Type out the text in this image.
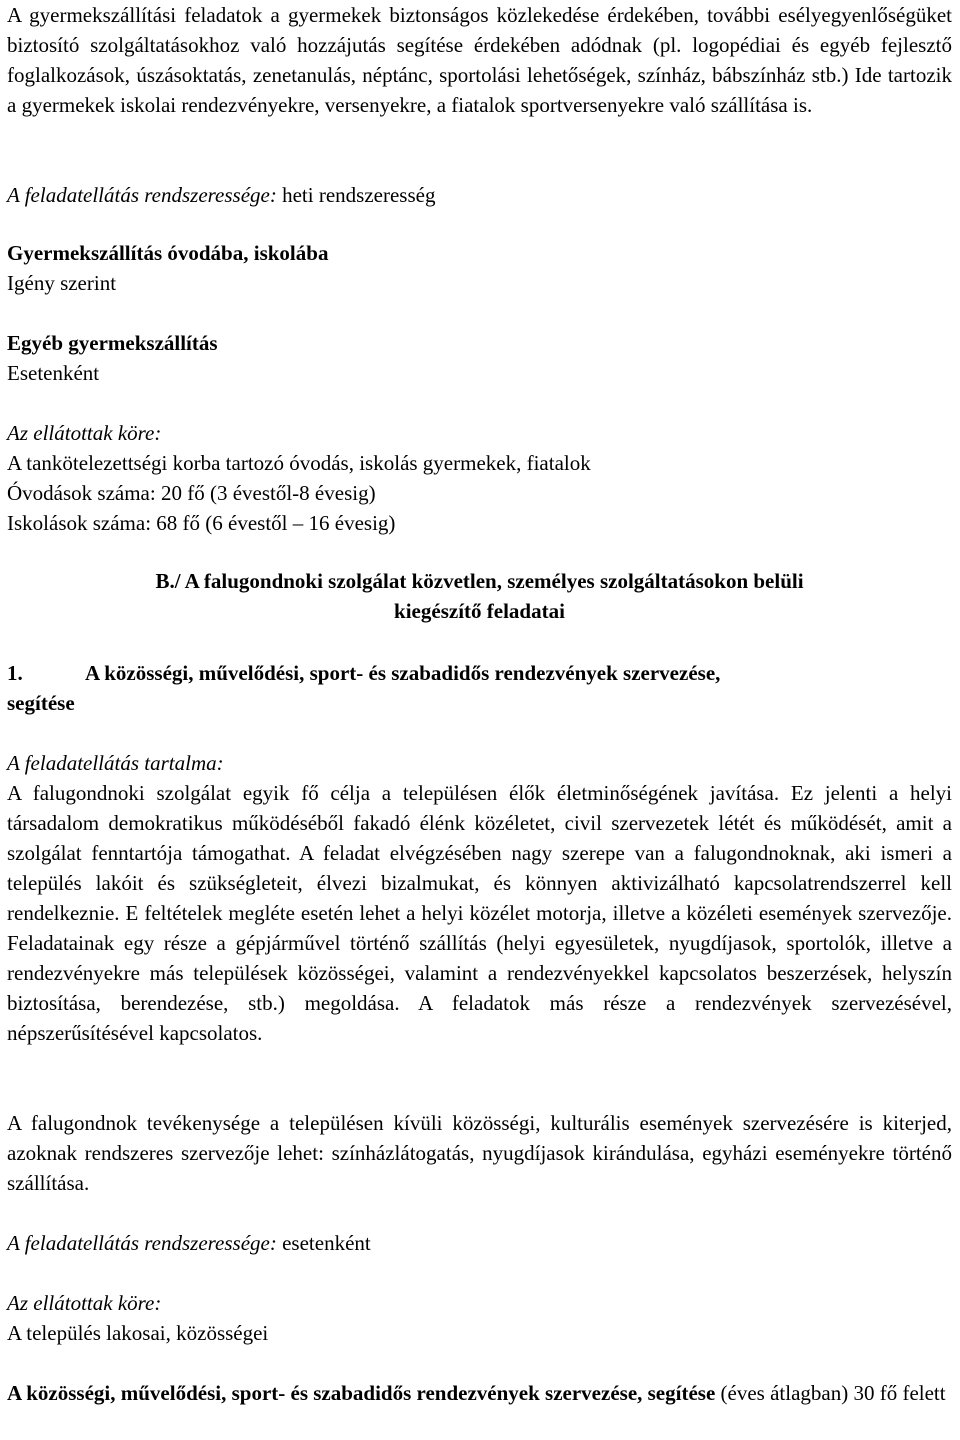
A gyermekszállítási feladatok a gyermekek biztonságos közlekedése érdekében, további esélyegyenlőségüket biztosító szolgáltatásokhoz való hozzájutás segítése érdekében adódnak (pl. logopédiai és egyéb fejlesztő foglalkozások, úszásoktatás, zenetanulás, néptánc, sportolási lehetőségek, színház, bábszínház stb.) Ide tartozik a gyermekek iskolai rendezvényekre, versenyekre, a fiatalok sportversenyekre való szállítása is.

A feladatellátás rendszeressége: heti rendszeresség

Gyermekszállítás óvodába, iskolába

Igény szerint

Egyéb gyermekszállítás

Esetenként

Az ellátottak köre:

A tankötelezettségi korba tartozó óvodás, iskolás gyermekek, fiatalok

Óvodások száma: 20 fő (3 évestől-8 évesig)

Iskolások száma: 68 fő (6 évestől – 16 évesig)

B./ A falugondnoki szolgálat közvetlen, személyes szolgáltatásokon belüli

kiegészítő feladatai

1.	A közösségi, művelődési, sport- és szabadidős rendezvények szervezése,

segítése

A feladatellátás tartalma:

A falugondnoki szolgálat egyik fő célja a településen élők életminőségének javítása. Ez jelenti a helyi társadalom demokratikus működéséből fakadó élénk közéletet, civil szervezetek létét és működését, amit a szolgálat fenntartója támogathat. A feladat elvégzésében nagy szerepe van a falugondnoknak, aki ismeri a település lakóit és szükségleteit, élvezi bizalmukat, és könnyen aktivizálható kapcsolatrendszerrel kell rendelkeznie. E feltételek megléte esetén lehet a helyi közélet motorja, illetve a közéleti események szervezője. Feladatainak egy része a gépjárművel történő szállítás (helyi egyesületek, nyugdíjasok, sportolók, illetve a rendezvényekre más települések közösségei, valamint a rendezvényekkel kapcsolatos beszerzések, helyszín biztosítása, berendezése, stb.) megoldása. A feladatok más része a rendezvények szervezésével, népszerűsítésével kapcsolatos.

A falugondnok tevékenysége a településen kívüli közösségi, kulturális események szervezésére is kiterjed, azoknak rendszeres szervezője lehet: színházlátogatás, nyugdíjasok kirándulása, egyházi eseményekre történő szállítása.

A feladatellátás rendszeressége: esetenként

Az ellátottak köre:

A település lakosai, közösségei

A közösségi, művelődési, sport- és szabadidős rendezvények szervezése, segítése (éves átlagban) 30 fő felett
